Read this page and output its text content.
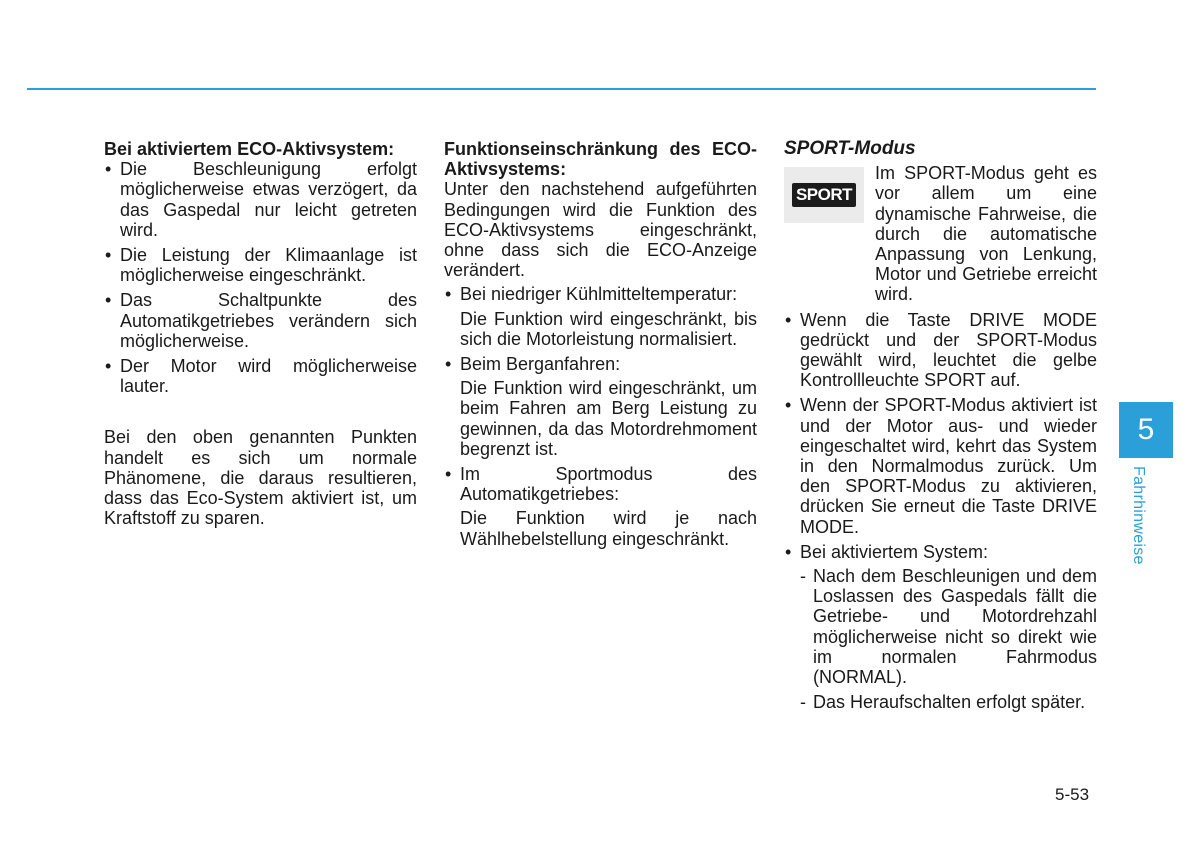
Bei aktiviertem ECO-Aktivsystem:

• Die Beschleunigung erfolgt möglicherweise etwas verzögert, da das Gaspedal nur leicht getreten wird.
• Die Leistung der Klimaanlage ist möglicherweise eingeschränkt.
• Das Schaltpunkte des Automatikgetriebes verändern sich möglicherweise.
• Der Motor wird möglicherweise lauter.

Bei den oben genannten Punkten handelt es sich um normale Phänomene, die daraus resultieren, dass das Eco-System aktiviert ist, um Kraftstoff zu sparen.

Funktionseinschränkung des ECO-Aktivsystems:

Unter den nachstehend aufgeführten Bedingungen wird die Funktion des ECO-Aktivsystems eingeschränkt, ohne dass sich die ECO-Anzeige verändert.

• Bei niedriger Kühlmitteltemperatur:
Die Funktion wird eingeschränkt, bis sich die Motorleistung normalisiert.
• Beim Berganfahren:
Die Funktion wird eingeschränkt, um beim Fahren am Berg Leistung zu gewinnen, da das Motordrehmoment begrenzt ist.
• Im Sportmodus des Automatikgetriebes:
Die Funktion wird je nach Wählhebelstellung eingeschränkt.

SPORT-Modus

SPORT
Im SPORT-Modus geht es vor allem um eine dynamische Fahrweise, die durch die automatische Anpassung von Lenkung, Motor und Getriebe erreicht wird.
• Wenn die Taste DRIVE MODE gedrückt und der SPORT-Modus gewählt wird, leuchtet die gelbe Kontrollleuchte SPORT auf.
• Wenn der SPORT-Modus aktiviert ist und der Motor aus- und wieder eingeschaltet wird, kehrt das System in den Normalmodus zurück. Um den SPORT-Modus zu aktivieren, drücken Sie erneut die Taste DRIVE MODE.
• Bei aktiviertem System:
- Nach dem Beschleunigen und dem Loslassen des Gaspedals fällt die Getriebe- und Motordrehzahl möglicherweise nicht so direkt wie im normalen Fahrmodus (NORMAL).
- Das Heraufschalten erfolgt später.
5
Fahrhinweise
5-53
